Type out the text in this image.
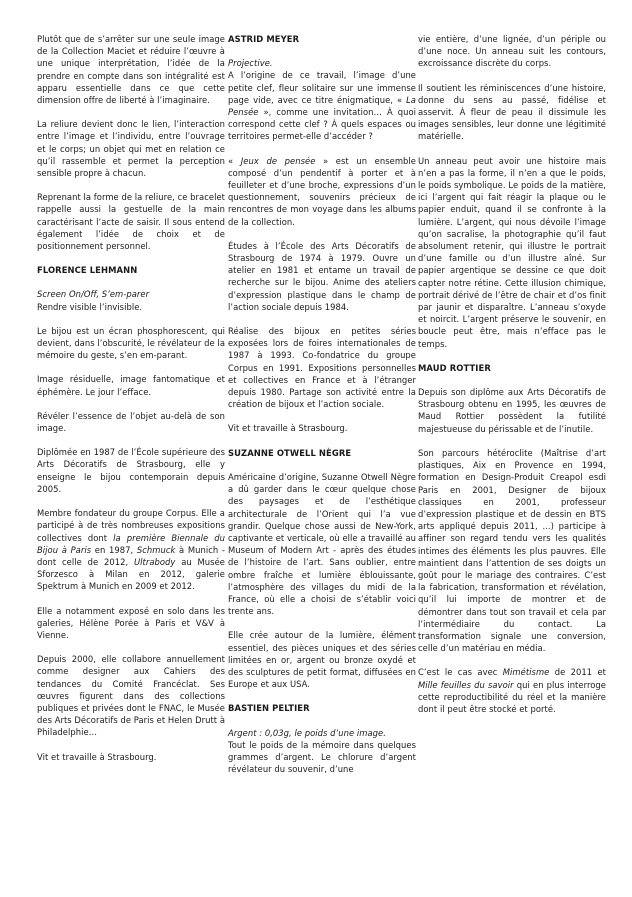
Plutôt que de s’arrêter sur une seule image de la Collection Maciet et réduire l’œuvre à une unique interprétation, l’idée de la prendre en compte dans son intégralité est apparu essentielle dans ce que cette dimension offre de liberté à l’imaginaire.

La reliure devient donc le lien, l’interaction entre l’image et l’individu, entre l’ouvrage et le corps; un objet qui met en relation ce qu’il rassemble et permet la perception sensible propre à chacun.

Reprenant la forme de la reliure, ce bracelet rappelle aussi la gestuelle de la main caractérisant l’acte de saisir. Il sous entend également l’idée de choix et de positionnement personnel.

FLORENCE LEHMANN

Screen On/Off, S’em-parer
Rendre visible l’invisible.

Le bijou est un écran phosphorescent, qui devient, dans l’obscurité, le révélateur de la mémoire du geste, s’en em-parant.

Image résiduelle, image fantomatique et éphémère. Le jour l’efface.

Révéler l’essence de l’objet au-delà de son image.

Diplômée en 1987 de l’École supérieure des Arts Décoratifs de Strasbourg, elle y enseigne le bijou contemporain depuis 2005.

Membre fondateur du groupe Corpus. Elle a participé à de très nombreuses expositions collectives dont la première Biennale du Bijou à Paris en 1987, Schmuck à Munich - dont celle de 2012, Ultrabody au Musée Sforzesco à Milan en 2012, galerie Spektrum à Munich en 2009 et 2012.

Elle a notamment exposé en solo dans les galeries, Hélène Porée à Paris et V&V à Vienne.

Depuis 2000, elle collabore annuellement comme designer aux Cahiers des tendances du Comité Francéclat. Ses œuvres figurent dans des collections publiques et privées dont le FNAC, le Musée des Arts Décoratifs de Paris et Helen Drutt à Philadelphie…

Vit et travaille à Strasbourg.

ASTRID MEYER

Projective.
A l’origine de ce travail, l’image d’une petite clef, fleur solitaire sur une immense page vide, avec ce titre énigmatique, « La Pensée », comme une invitation… À quoi correspond cette clef ? À quels espaces ou territoires permet-elle d’accéder ?

« Jeux de pensée » est un ensemble composé d’un pendentif à porter et à feuilleter et d’une broche, expressions d’un questionnement, souvenirs précieux de rencontres de mon voyage dans les albums de la collection.

Études à l’École des Arts Décoratifs de Strasbourg de 1974 à 1979. Ouvre un atelier en 1981 et entame un travail de recherche sur le bijou. Anime des ateliers d’expression plastique dans le champ de l’action sociale depuis 1984.

Réalise des bijoux en petites séries exposées lors de foires internationales de 1987 à 1993. Co-fondatrice du groupe Corpus en 1991. Expositions personnelles et collectives en France et à l’étranger depuis 1980. Partage son activité entre la création de bijoux et l’action sociale.

Vit et travaille à Strasbourg.

SUZANNE OTWELL NÈGRE

Américaine d’origine, Suzanne Otwell Nègre a dû garder dans le cœur quelque chose des paysages et de l’esthétique architecturale de l’Orient qui l’a vue grandir. Quelque chose aussi de New-York, captivante et verticale, où elle a travaillé au Museum of Modern Art - après des études de l’histoire de l’art. Sans oublier, entre ombre fraîche et lumière éblouissante, l’atmosphère des villages du midi de la France, où elle a choisi de s’établir voici trente ans.

Elle crée autour de la lumière, élément essentiel, des pièces uniques et des séries limitées en or, argent ou bronze oxydé et des sculptures de petit format, diffusées en Europe et aux USA.

BASTIEN PELTIER

Argent : 0,03g, le poids d’une image.
Tout le poids de la mémoire dans quelques grammes d’argent. Le chlorure d’argent révélateur du souvenir, d’une

vie entière, d’une lignée, d’un périple ou d’une noce. Un anneau suit les contours, excroissance discrète du corps.

Il soutient les réminiscences d’une histoire, donne du sens au passé, fidélise et asservit. À fleur de peau il dissimule les images sensibles, leur donne une légitimité matérielle.

Un anneau peut avoir une histoire mais n’en a pas la forme, il n’en a que le poids, le poids symbolique. Le poids de la matière, ici l’argent qui fait réagir la plaque ou le papier enduit, quand il se confronte à la lumière. L’argent, qui nous dévoile l’image qu’on sacralise, la photographie qu’il faut absolument retenir, qui illustre le portrait d’une famille ou d’un illustre aîné. Sur papier argentique se dessine ce que doit capter notre rétine. Cette illusion chimique, portrait dérivé de l’être de chair et d’os finit par jaunir et disparaître. L’anneau s’oxyde et noircit. L’argent préserve le souvenir, en boucle peut être, mais n’efface pas le temps.

MAUD ROTTIER

Depuis son diplôme aux Arts Décoratifs de Strasbourg obtenu en 1995, les œuvres de Maud Rottier possèdent la futilité majestueuse du périssable et de l’inutile.

Son parcours hétéroclite (Maîtrise d’art plastiques, Aix en Provence en 1994, formation en Design-Produit Creapol esdi Paris en 2001, Designer de bijoux classiques en 2001, professeur d’expression plastique et de dessin en BTS arts appliqué depuis 2011, ...) participe à affiner son regard tendu vers les qualités intimes des éléments les plus pauvres. Elle maintient dans l’attention de ses doigts un goût pour le mariage des contraires. C’est la fabrication, transformation et révélation, qu’il lui importe de montrer et de démontrer dans tout son travail et cela par l’intermédiaire du contact. La transformation signale une conversion, celle d’un matériau en média.

C’est le cas avec Mimétisme de 2011 et Mille feuilles du savoir qui en plus interroge cette reproductibilité du réel et la manière dont il peut être stocké et porté.
